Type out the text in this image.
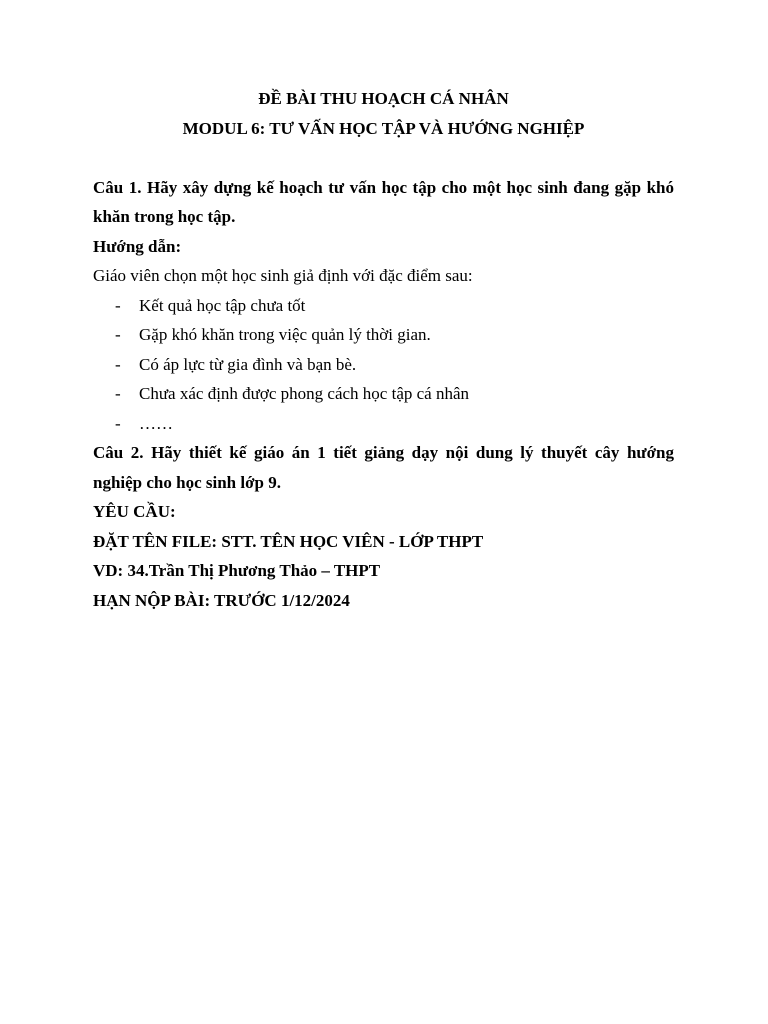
ĐỀ BÀI THU HOẠCH CÁ NHÂN

MODUL 6: TƯ VẤN HỌC TẬP VÀ HƯỚNG NGHIỆP

Câu 1. Hãy xây dựng kế hoạch tư vấn học tập cho một học sinh đang gặp khó khăn trong học tập.

Hướng dẫn:

Giáo viên chọn một học sinh giả định với đặc điểm sau:

- Kết quả học tập chưa tốt
- Gặp khó khăn trong việc quản lý thời gian.
- Có áp lực từ gia đình và bạn bè.
- Chưa xác định được phong cách học tập cá nhân
- ……

Câu 2. Hãy thiết kế giáo án 1 tiết giảng dạy nội dung lý thuyết cây hướng nghiệp cho học sinh lớp 9.

YÊU CẦU:

ĐẶT TÊN FILE: STT. TÊN HỌC VIÊN - LỚP THPT

VD: 34.Trần Thị Phương Thảo – THPT

HẠN NỘP BÀI: TRƯỚC 1/12/2024
